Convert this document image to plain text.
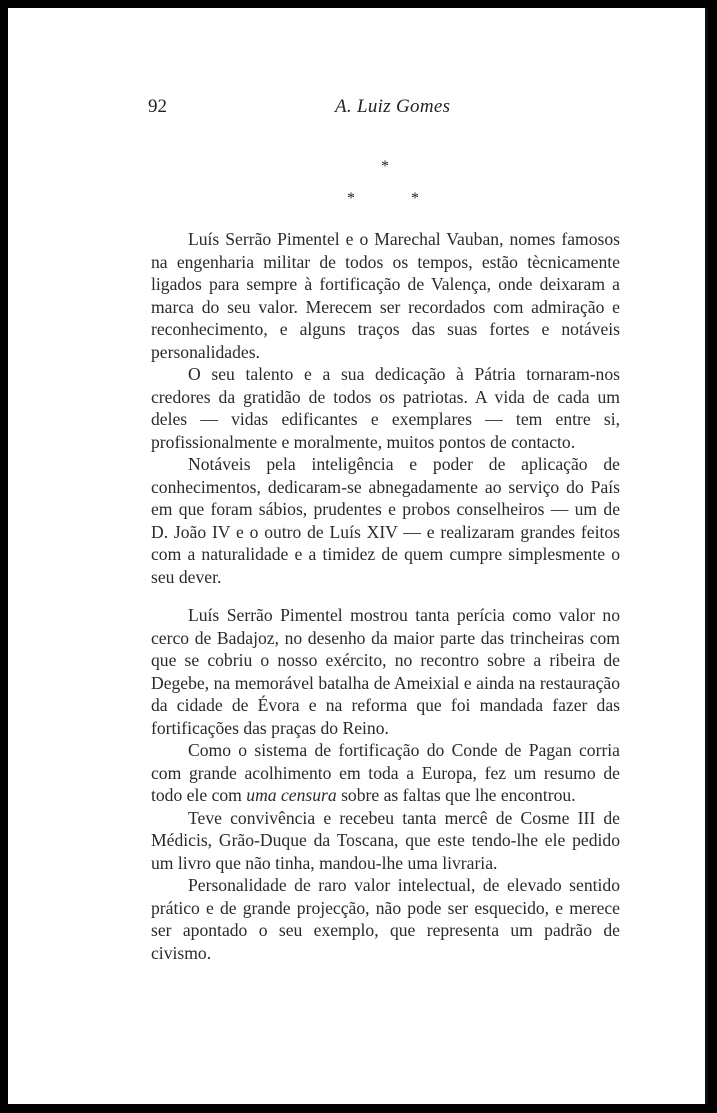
92	A. Luiz Gomes
*
*	*

Luís Serrão Pimentel e o Marechal Vauban, nomes famosos na engenharia militar de todos os tempos, estão tècnicamente ligados para sempre à fortificação de Valença, onde deixaram a marca do seu valor. Merecem ser recordados com admiração e reconhecimento, e alguns traços das suas fortes e notáveis personalidades.

O seu talento e a sua dedicação à Pátria tornaram-nos credores da gratidão de todos os patriotas. A vida de cada um deles — vidas edificantes e exemplares — tem entre si, profissionalmente e moralmente, muitos pontos de contacto.

Notáveis pela inteligência e poder de aplicação de conhecimentos, dedicaram-se abnegadamente ao serviço do País em que foram sábios, prudentes e probos conselheiros — um de D. João IV e o outro de Luís XIV — e realizaram grandes feitos com a naturalidade e a timidez de quem cumpre simplesmente o seu dever.

Luís Serrão Pimentel mostrou tanta perícia como valor no cerco de Badajoz, no desenho da maior parte das trincheiras com que se cobriu o nosso exército, no recontro sobre a ribeira de Degebe, na memorável batalha de Ameixial e ainda na restauração da cidade de Évora e na reforma que foi mandada fazer das fortificações das praças do Reino.

Como o sistema de fortificação do Conde de Pagan corria com grande acolhimento em toda a Europa, fez um resumo de todo ele com uma censura sobre as faltas que lhe encontrou.

Teve convivência e recebeu tanta mercê de Cosme III de Médicis, Grão-Duque da Toscana, que este tendo-lhe ele pedido um livro que não tinha, mandou-lhe uma livraria.

Personalidade de raro valor intelectual, de elevado sentido prático e de grande projecção, não pode ser esquecido, e merece ser apontado o seu exemplo, que representa um padrão de civismo.
